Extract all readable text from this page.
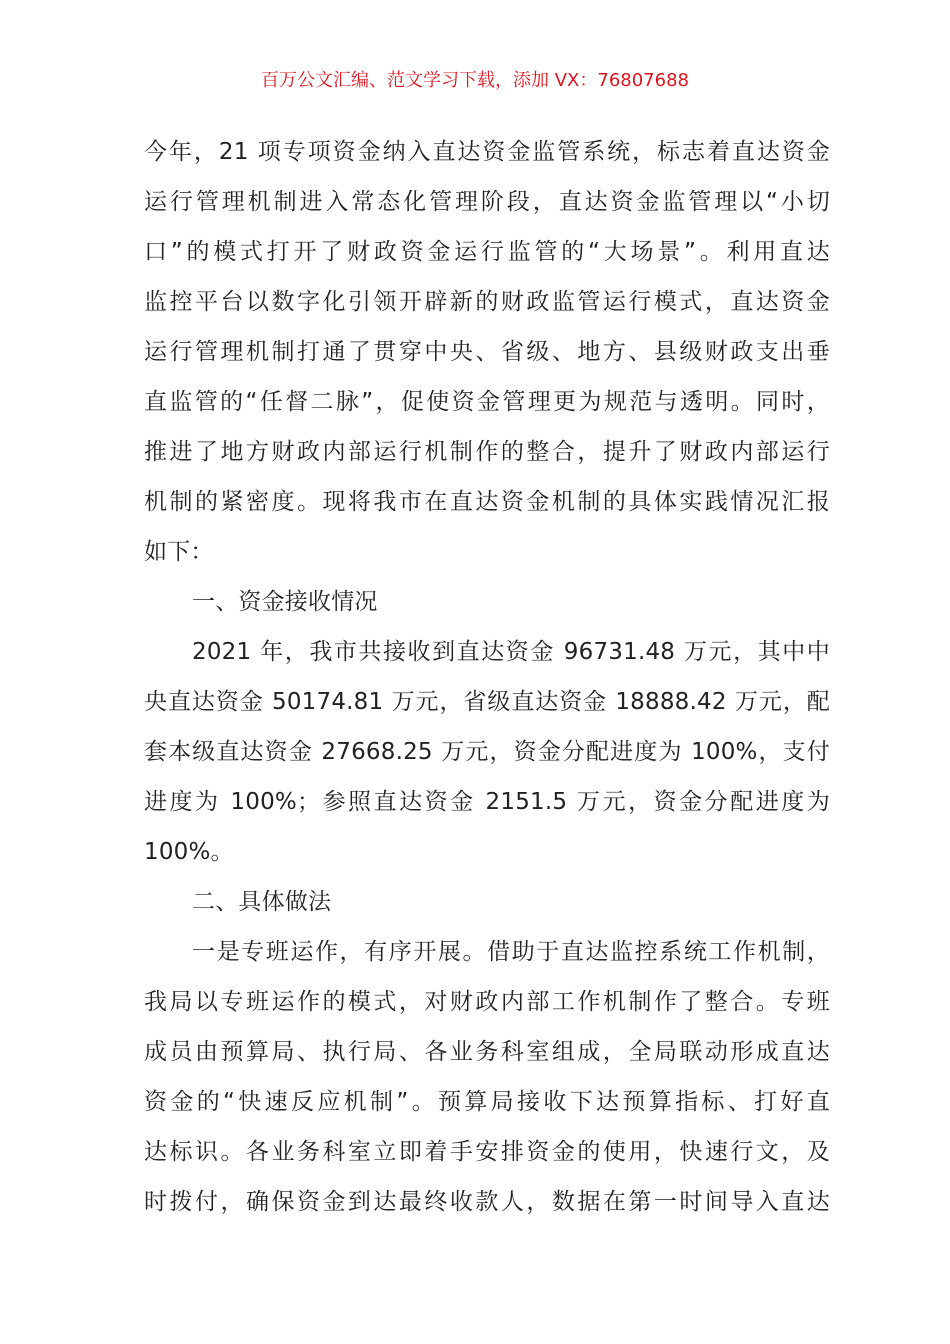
百万公文汇编、范文学习下载，添加 VX：76807688
今年，21 项专项资金纳入直达资金监管系统，标志着直达资金
运行管理机制进入常态化管理阶段，直达资金监管理以“小切
口”的模式打开了财政资金运行监管的“大场景”。利用直达
监控平台以数字化引领开辟新的财政监管运行模式，直达资金
运行管理机制打通了贯穿中央、省级、地方、县级财政支出垂
直监管的“任督二脉”，促使资金管理更为规范与透明。同时，
推进了地方财政内部运行机制作的整合，提升了财政内部运行
机制的紧密度。现将我市在直达资金机制的具体实践情况汇报
如下：
一、资金接收情况
2021 年，我市共接收到直达资金 96731.48 万元，其中中
央直达资金 50174.81 万元，省级直达资金 18888.42 万元，配
套本级直达资金 27668.25 万元，资金分配进度为 100%，支付
进度为 100%；参照直达资金 2151.5 万元，资金分配进度为
100%。
二、具体做法
一是专班运作，有序开展。借助于直达监控系统工作机制，
我局以专班运作的模式，对财政内部工作机制作了整合。专班
成员由预算局、执行局、各业务科室组成，全局联动形成直达
资金的“快速反应机制”。预算局接收下达预算指标、打好直
达标识。各业务科室立即着手安排资金的使用，快速行文，及
时拨付，确保资金到达最终收款人，数据在第一时间导入直达
